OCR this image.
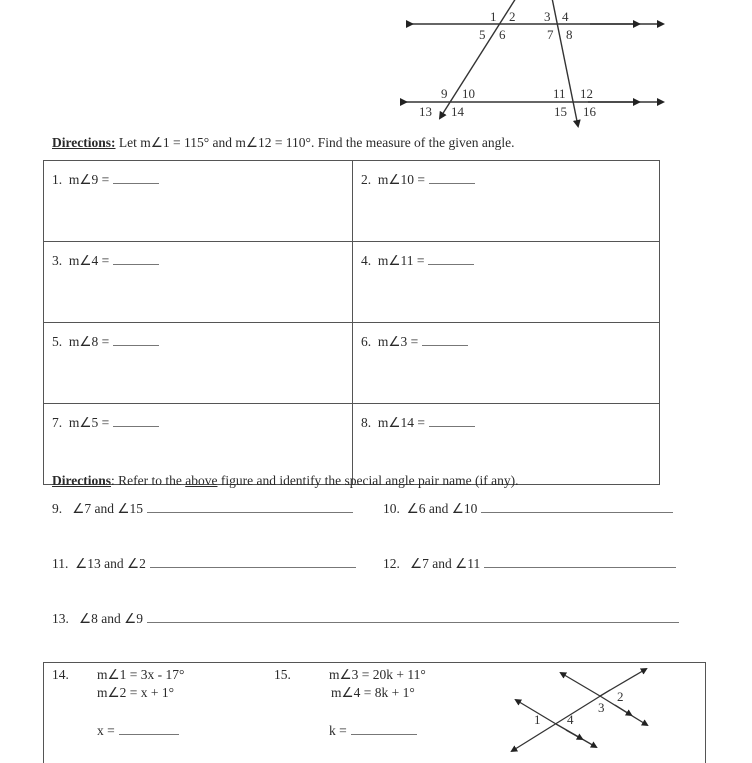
1 2 3 4
5 6	7 8
9 10	11 12
13 14	15 16
Directions: Let m∠1 = 115° and m∠12 = 110°. Find the measure of the given angle.
1. m∠9 =	2. m∠10 =
3. m∠4 =	4. m∠11 =
5. m∠8 =	6. m∠3 =
7. m∠5 =	8. m∠14 =
Directions: Refer to the above figure and identify the special angle pair name (if any).
9. ∠7 and ∠15	10. ∠6 and ∠10
11. ∠13 and ∠2	12. ∠7 and ∠11
13. ∠8 and ∠9
14. m∠1 = 3x - 17°
m∠2 = x + 1°
x =
15.	m∠3 = 20k + 11°
m∠4 = 8k + 1°
k =
1
2
3
4
